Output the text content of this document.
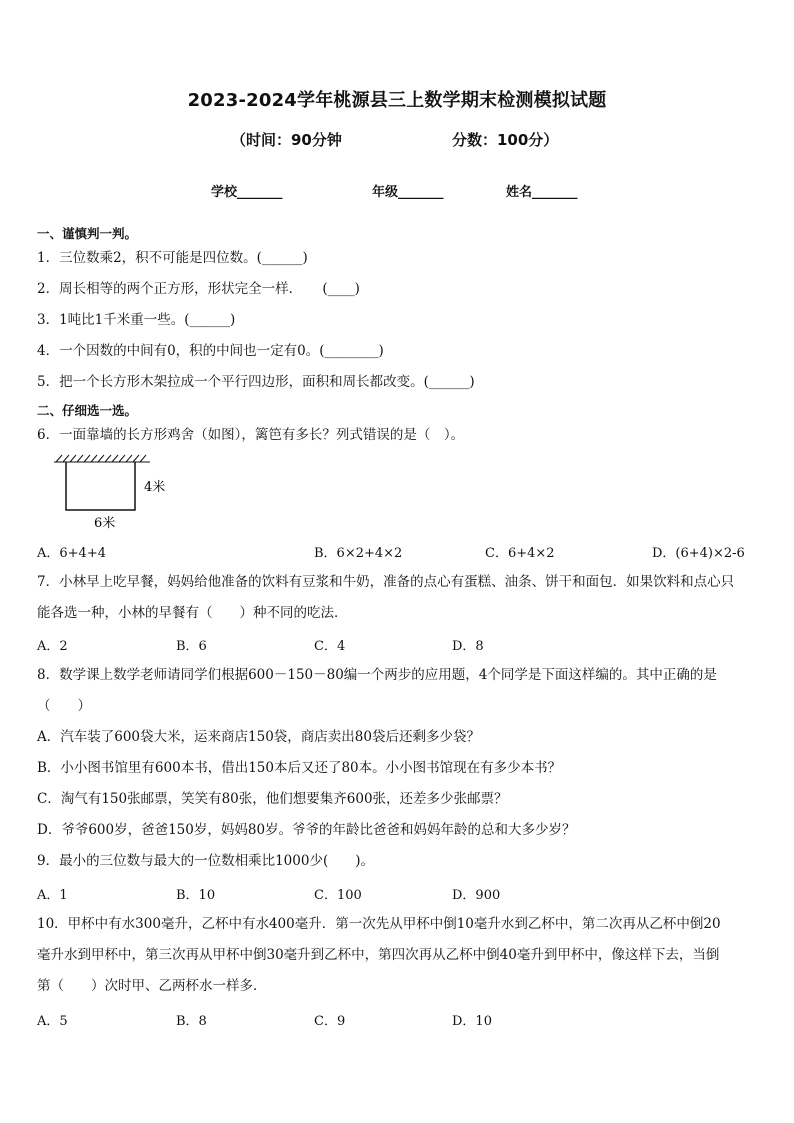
2023-2024学年桃源县三上数学期末检测模拟试题
（时间：90分钟	分数：100分）
学校_______	年级_______	姓名_______
一、谨慎判一判。
1．三位数乘2，积不可能是四位数。(______)
2．周长相等的两个正方形，形状完全一样．　　(____)
3．1吨比1千米重一些。(______)
4．一个因数的中间有0，积的中间也一定有0。(________)
5．把一个长方形木架拉成一个平行四边形，面积和周长都改变。(______)
二、仔细选一选。
6．一面靠墙的长方形鸡舍（如图），篱笆有多长？列式错误的是（　）。
4米
6米
A．6+4+4	B．6×2+4×2	C．6+4×2	D．(6+4)×2-6
7．小林早上吃早餐，妈妈给他准备的饮料有豆浆和牛奶，准备的点心有蛋糕、油条、饼干和面包．如果饮料和点心只
能各选一种，小林的早餐有（　　）种不同的吃法．
A．2	B．6	C．4	D．8
8．数学课上数学老师请同学们根据600－150－80编一个两步的应用题，4个同学是下面这样编的。其中正确的是
（　　）
A．汽车装了600袋大米，运来商店150袋，商店卖出80袋后还剩多少袋？
B．小小图书馆里有600本书，借出150本后又还了80本。小小图书馆现在有多少本书？
C．淘气有150张邮票，笑笑有80张，他们想要集齐600张，还差多少张邮票？
D．爷爷600岁，爸爸150岁，妈妈80岁。爷爷的年龄比爸爸和妈妈年龄的总和大多少岁？
9．最小的三位数与最大的一位数相乘比1000少(　　)。
A．1	B．10	C．100	D．900
10．甲杯中有水300毫升，乙杯中有水400毫升．第一次先从甲杯中倒10毫升水到乙杯中，第二次再从乙杯中倒20
毫升水到甲杯中，第三次再从甲杯中倒30毫升到乙杯中，第四次再从乙杯中倒40毫升到甲杯中，像这样下去，当倒
第（　　）次时甲、乙两杯水一样多．
A．5	B．8	C．9	D．10
